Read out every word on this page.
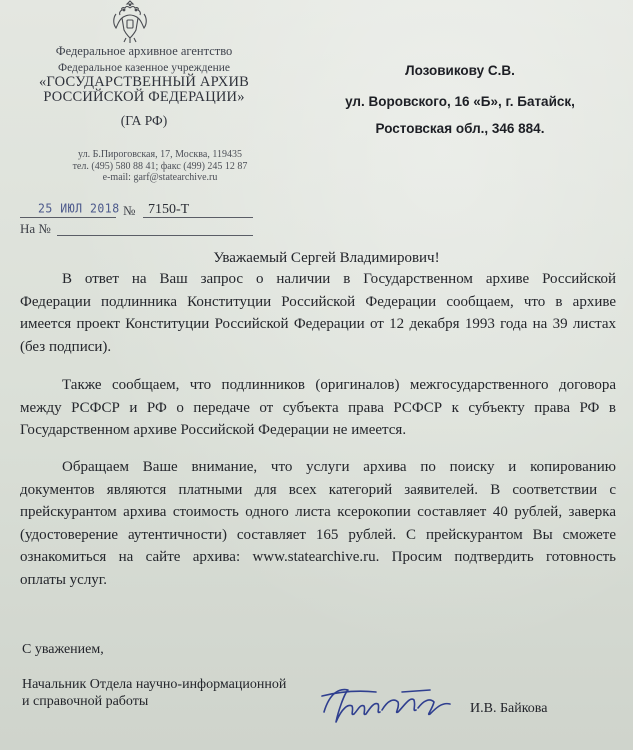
Федеральное архивное агентство
Федеральное казенное учреждение
«ГОСУДАРСТВЕННЫЙ АРХИВ
РОССИЙСКОЙ ФЕДЕРАЦИИ»
(ГА РФ)
ул. Б.Пироговская, 17, Москва, 119435
тел. (495) 580 88 41; факс (499) 245 12 87
e-mail: garf@statearchive.ru
Лозовикову С.В.
ул. Воровского, 16 «Б», г. Батайск,
Ростовская обл., 346 884.
25 ИЮЛ 2018 № 7150-Т
На №
Уважаемый Сергей Владимирович!
В ответ на Ваш запрос о наличии в Государственном архиве Российской
Федерации подлинника Конституции Российской Федерации сообщаем, что в архиве
имеется проект Конституции Российской Федерации от 12 декабря 1993 года на 39 листах
(без подписи).
Также сообщаем, что подлинников (оригиналов) межгосударственного договора
между РСФСР и РФ о передаче от субъекта права РСФСР к субъекту права РФ в
Государственном архиве Российской Федерации не имеется.
Обращаем Ваше внимание, что услуги архива по поиску и копированию
документов являются платными для всех категорий заявителей. В соответствии с
прейскурантом архива стоимость одного листа ксерокопии составляет 40 рублей, заверка
(удостоверение аутентичности) составляет 165 рублей. С прейскурантом Вы сможете
ознакомиться на сайте архива: www.statearchive.ru. Просим подтвердить готовность
оплаты услуг.
С уважением,
Начальник Отдела научно-информационной
и справочной работы	И.В. Байкова
